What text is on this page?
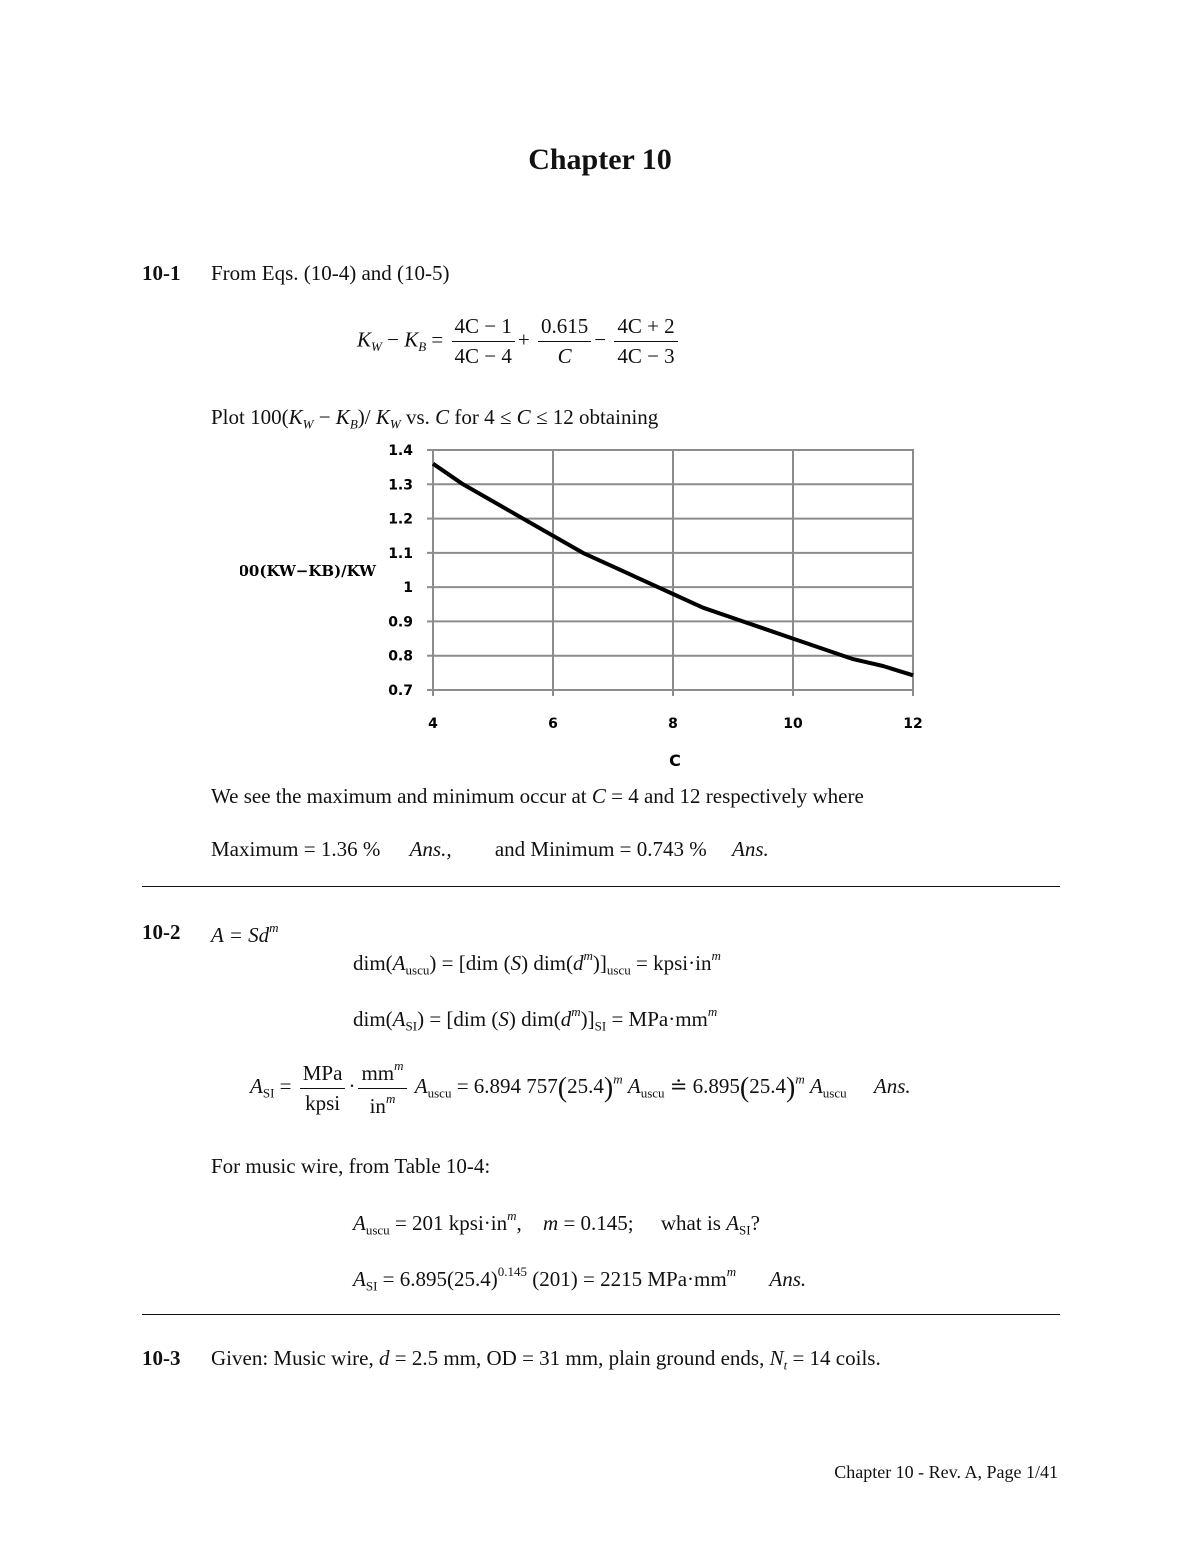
Chapter 10
10-1 From Eqs. (10-4) and (10-5)
$K_W - K_B = \frac{4C - 1}{4C - 4} + \frac{0.615}{C} - \frac{4C + 2}{4C - 3}$
Plot $100(K_W - K_B)/$ $K_W$ vs. C for 4 ≤ C ≤ 12 obtaining
1.4
1.3
1.2
1.1
1
0.9
0.8
0.7
4	6	8	10	12
C
100(KW−KB)/KW
We see the maximum and minimum occur at C = 4 and 12 respectively where
Maximum = 1.36 % Ans., and Minimum = 0.743 % Ans.
10-2 $A = Sd^m$
$dim(A_{uscu}) = [dim$ (S) $dim(d^m)]_{uscu}$ = $kpsi\cdot in^m$
$dim(A_{SI}) = [dim$ (S) $dim(d^m)]_{SI} = MPa\cdot mm^m$
$A_{SI} = \frac{\text{MPa}}{\text{kpsi}} \cdot \frac{mm^m}{in^m} A_{uscu} = 6.894$ $757(25.4)^m$ $A_{uscu}$ ≐ $6.895(25.4)^m$ $A_{uscu}$ Ans.
For music wire, from Table 10-4:
$A_{uscu} = 201$ $kpsi\cdot in^m$, m = 0.145; what is $A_{SI}$?
$A_{SI} = 6.895(25.4)^{0.145}$ (201) = 2215 $MPa\cdot mm^m$ Ans.
10-3 Given: Music wire, d = 2.5 mm, OD = 31 mm, plain ground ends, $N_t = 14$ coils.
Chapter 10 - Rev. A, Page 1/41
